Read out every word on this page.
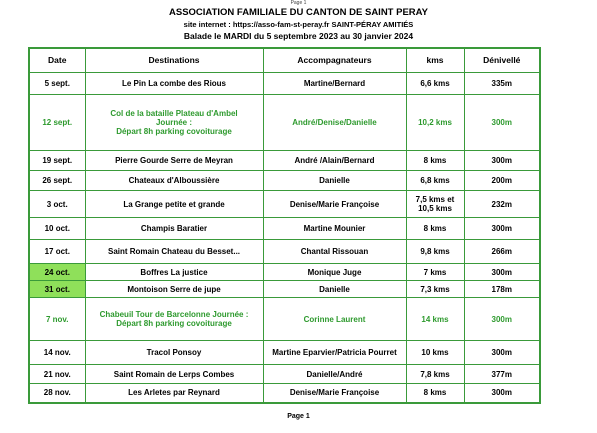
Page 1
ASSOCIATION FAMILIALE DU CANTON DE SAINT PERAY
site internet : https://asso-fam-st-peray.fr SAINT-PÉRAY AMITIÉS
Balade le MARDI du 5 septembre 2023 au 30 janvier 2024
Date	Destinations	Accompagnateurs	kms	Dénivellé
5 sept.	Le Pin La combe des Rious	Martine/Bernard	6,6 kms	335m
12 sept.	Col de la bataille Plateau d'Ambel
Journée :
Départ 8h parking covoiturage	André/Denise/Danielle	10,2 kms	300m
19 sept.	Pierre Gourde Serre de Meyran	André /Alain/Bernard	8 kms	300m
26 sept.	Chateaux d'Alboussière	Danielle	6,8 kms	200m
3 oct.	La Grange petite et grande	Denise/Marie Françoise	7,5 kms et
10,5 kms	232m
10 oct.	Champis Baratier	Martine Mounier	8 kms	300m
17 oct.	Saint Romain Chateau du Besset...	Chantal Rissouan	9,8 kms	266m
24 oct.	Boffres La justice	Monique Juge	7 kms	300m
31 oct.	Montoison Serre de jupe	Danielle	7,3 kms	178m
7 nov.	Chabeuil Tour de Barcelonne Journée :
Départ 8h parking covoiturage	Corinne Laurent	14 kms	300m
14 nov.	Tracol Ponsoy	Martine Eparvier/Patricia Pourret	10 kms	300m
21 nov.	Saint Romain de Lerps Combes	Danielle/André	7,8 kms	377m
28 nov.	Les Arletes par Reynard	Denise/Marie Françoise	8 kms	300m
Page 1
